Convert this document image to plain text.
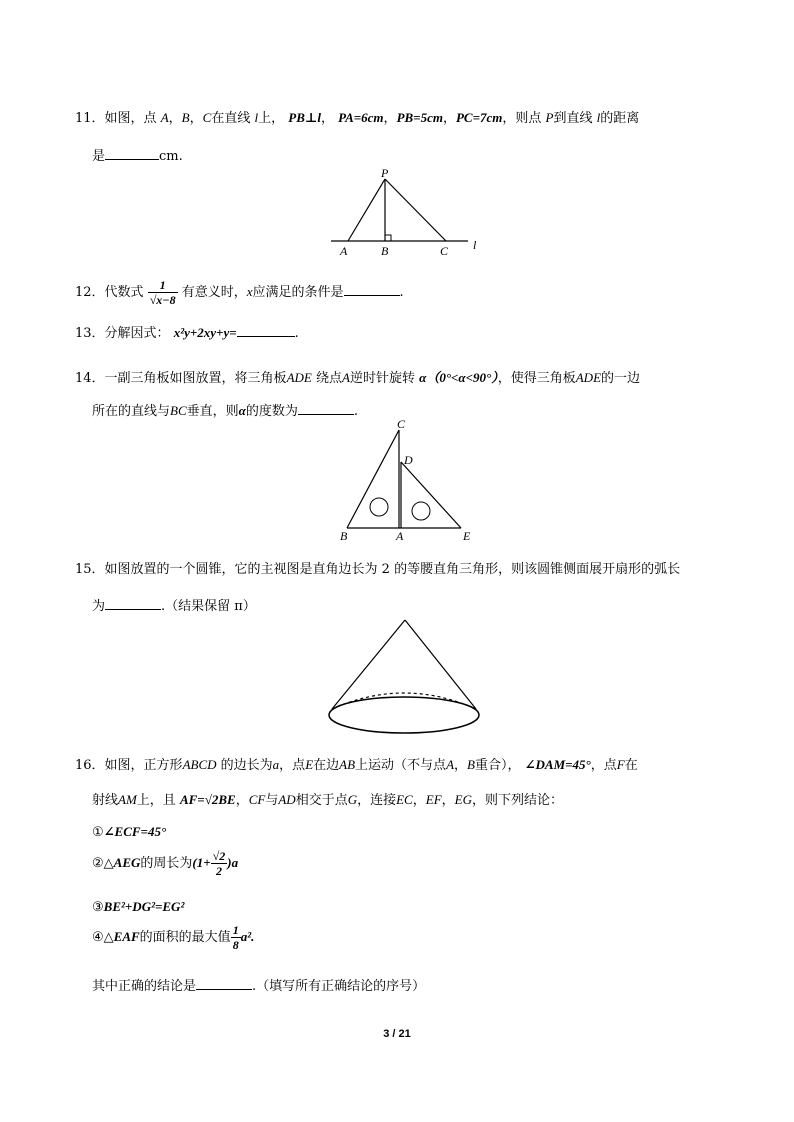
11．如图，点 A，B，C在直线 l上， PB⊥l， PA=6cm，PB=5cm，PC=7cm，则点 P到直线 l的距离
是	cm.
P
A	B	C l
12．代数式 $\frac{1}{√x-8}$ 有意义时，x应满足的条件是	.
13．分解因式： x²y+2xy+y=	.
14．一副三角板如图放置，将三角板ADE 绕点A逆时针旋转 α（0°<α<90°），使得三角板ADE的一边
所在的直线与BC垂直，则α的度数为	.
C
D
B	A	E
15．如图放置的一个圆锥，它的主视图是直角边长为 2 的等腰直角三角形，则该圆锥侧面展开扇形的弧长
为	.（结果保留 π）
16．如图，正方形ABCD 的边长为a，点E在边AB上运动（不与点A，B重合）， ∠DAM=45°，点F在
射线AM上，且 AF=√2BE，CF与AD相交于点G，连接EC，EF，EG，则下列结论：
①∠ECF=45°
②△AEG的周长为$(1+ \frac{√2}{2} )a$
③BE²+DG²=EG²
④△EAF的面积的最大值 $\frac{1}{8} a^2$.
其中正确的结论是	.（填写所有正确结论的序号）
3 / 21
